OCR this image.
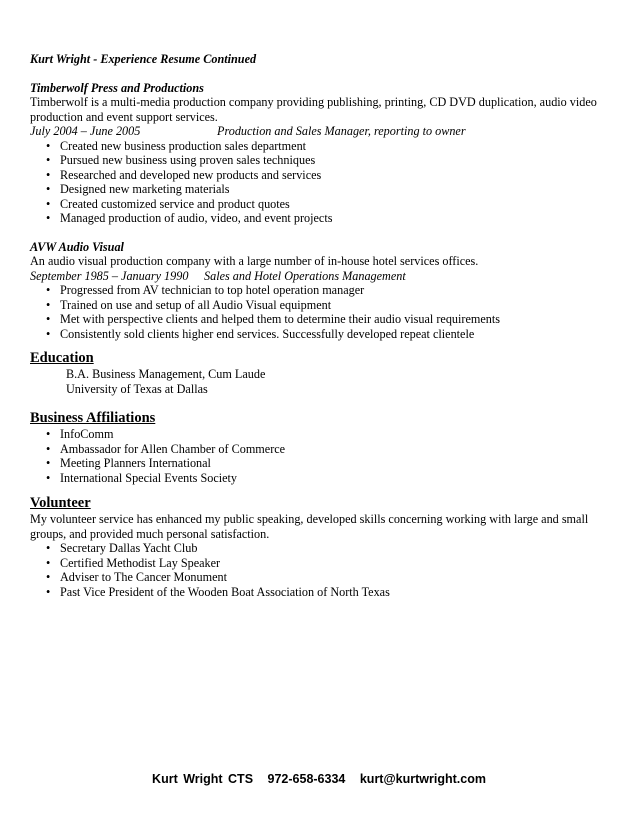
Kurt Wright - Experience Resume Continued
Timberwolf Press and Productions
Timberwolf is a multi-media production company providing publishing, printing, CD DVD duplication, audio video production and event support services.
July 2004 – June 2005	Production and Sales Manager, reporting to owner
• Created new business production sales department
• Pursued new business using proven sales techniques
• Researched and developed new products and services
• Designed new marketing materials
• Created customized service and product quotes
• Managed production of audio, video, and event projects
AVW Audio Visual
An audio visual production company with a large number of in-house hotel services offices.
September 1985 – January 1990	Sales and Hotel Operations Management
• Progressed from AV technician to top hotel operation manager
• Trained on use and setup of all Audio Visual equipment
• Met with perspective clients and helped them to determine their audio visual requirements
• Consistently sold clients higher end services. Successfully developed repeat clientele
Education
B.A. Business Management, Cum Laude
University of Texas at Dallas
Business Affiliations
• InfoComm
• Ambassador for Allen Chamber of Commerce
• Meeting Planners International
• International Special Events Society
Volunteer
My volunteer service has enhanced my public speaking, developed skills concerning working with large and small groups, and provided much personal satisfaction.
• Secretary Dallas Yacht Club
• Certified Methodist Lay Speaker
• Adviser to The Cancer Monument
• Past Vice President of the Wooden Boat Association of North Texas
Kurt Wright CTS 972-658-6334 kurt@kurtwright.com
